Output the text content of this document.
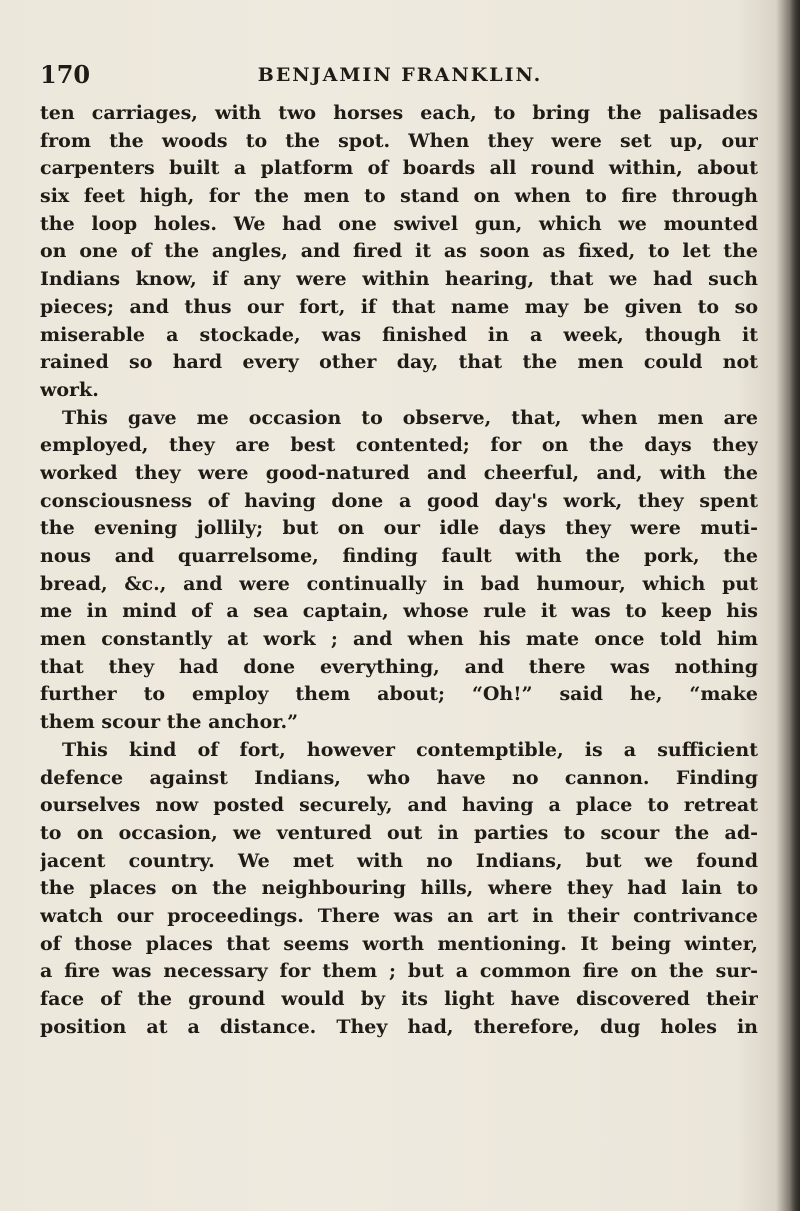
170	BENJAMIN FRANKLIN.
ten carriages, with two horses each, to bring the palisades
from the woods to the spot. When they were set up, our
carpenters built a platform of boards all round within, about
six feet high, for the men to stand on when to fire through
the loop holes. We had one swivel gun, which we mounted
on one of the angles, and fired it as soon as fixed, to let the
Indians know, if any were within hearing, that we had such
pieces; and thus our fort, if that name may be given to so
miserable a stockade, was finished in a week, though it
rained so hard every other day, that the men could not
work.
This gave me occasion to observe, that, when men are
employed, they are best contented; for on the days they
worked they were good-natured and cheerful, and, with the
consciousness of having done a good day's work, they spent
the evening jollily; but on our idle days they were muti-
nous and quarrelsome, finding fault with the pork, the
bread, &c., and were continually in bad humour, which put
me in mind of a sea captain, whose rule it was to keep his
men constantly at work ; and when his mate once told him
that they had done everything, and there was nothing
further to employ them about; “Oh!” said he, “make
them scour the anchor.”
This kind of fort, however contemptible, is a sufficient
defence against Indians, who have no cannon. Finding
ourselves now posted securely, and having a place to retreat
to on occasion, we ventured out in parties to scour the ad-
jacent country. We met with no Indians, but we found
the places on the neighbouring hills, where they had lain to
watch our proceedings. There was an art in their contrivance
of those places that seems worth mentioning. It being winter,
a fire was necessary for them ; but a common fire on the sur-
face of the ground would by its light have discovered their
position at a distance. They had, therefore, dug holes in
